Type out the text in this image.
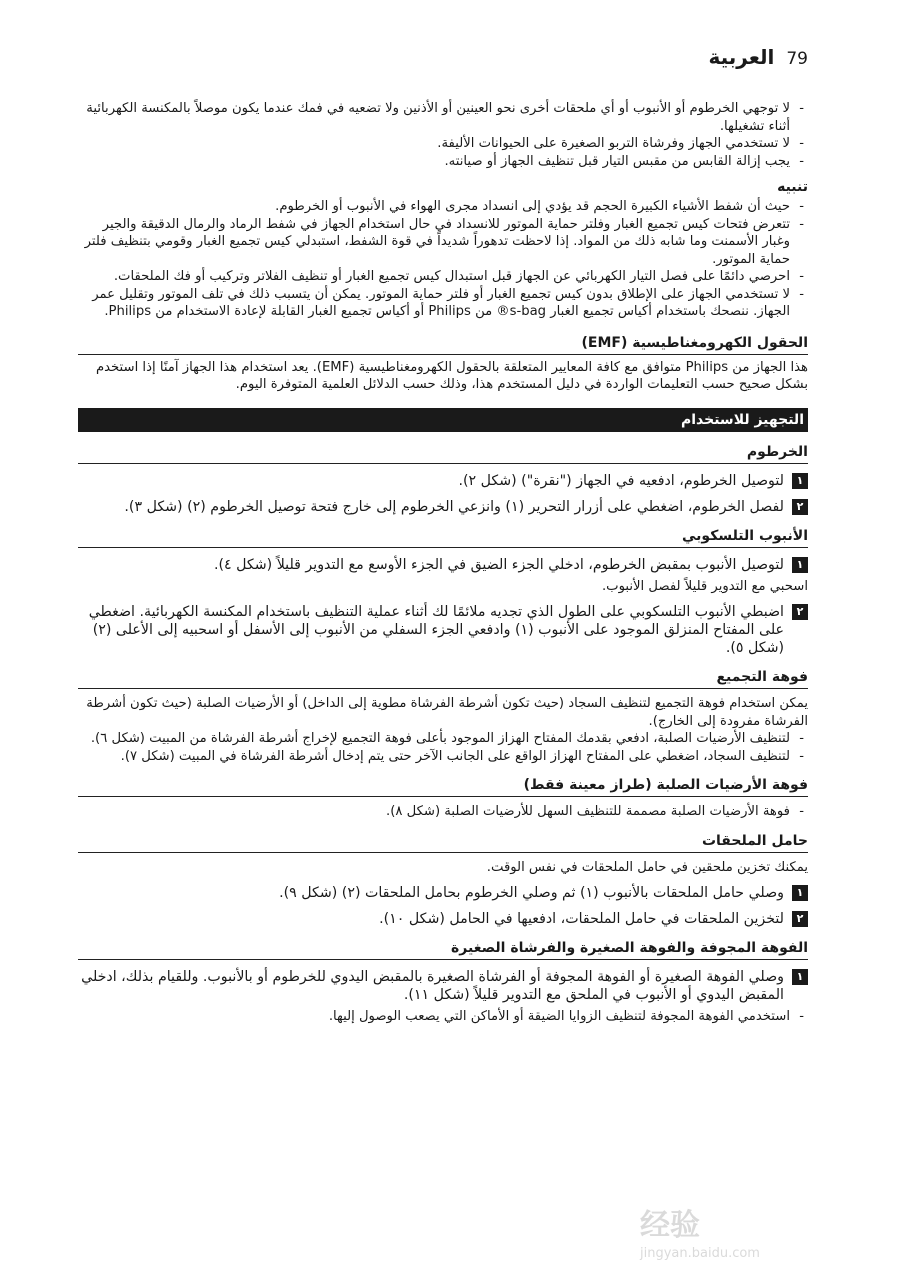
79
العربية

- لا توجهي الخرطوم أو الأنبوب أو أي ملحقات أخرى نحو العينين أو الأذنين ولا تضعيه في فمك عندما يكون موصلاً بالمكنسة الكهربائية أثناء تشغيلها.

- لا تستخدمي الجهاز وفرشاة التربو الصغيرة على الحيوانات الأليفة.

- يجب إزالة القابس من مقبس التيار قبل تنظيف الجهاز أو صيانته.

تنبيه

- حيث أن شفط الأشياء الكبيرة الحجم قد يؤدي إلى انسداد مجرى الهواء في الأنبوب أو الخرطوم.

- تتعرض فتحات كيس تجميع الغبار وفلتر حماية الموتور للانسداد في حال استخدام الجهاز في شفط الرماد والرمال الدقيقة والجير وغبار الأسمنت وما شابه ذلك من المواد. إذا لاحظت تدهوراً شديداً في قوة الشفط، استبدلي كيس تجميع الغبار وقومي بتنظيف فلتر حماية الموتور.

- احرصي دائمًا على فصل التيار الكهربائي عن الجهاز قبل استبدال كيس تجميع الغبار أو تنظيف الفلاتر وتركيب أو فك الملحقات.

- لا تستخدمي الجهاز على الإطلاق بدون كيس تجميع الغبار أو فلتر حماية الموتور. يمكن أن يتسبب ذلك في تلف الموتور وتقليل عمر الجهاز. ننصحك باستخدام أكياس تجميع الغبار s-bag® من Philips أو أكياس تجميع الغبار القابلة لإعادة الاستخدام من Philips.

الحقول الكهرومغناطيسية (EMF)

هذا الجهاز من Philips متوافق مع كافة المعايير المتعلقة بالحقول الكهرومغناطيسية (EMF). يعد استخدام هذا الجهاز آمنًا إذا استخدم بشكل صحيح حسب التعليمات الواردة في دليل المستخدم هذا، وذلك حسب الدلائل العلمية المتوفرة اليوم.

التجهيز للاستخدام
الخرطوم
١
لتوصيل الخرطوم، ادفعيه في الجهاز ("نقرة") (شكل ٢).
٢
لفصل الخرطوم، اضغطي على أزرار التحرير (١) وانزعي الخرطوم إلى خارج فتحة توصيل الخرطوم (٢) (شكل ٣).
الأنبوب التلسكوبي
١
لتوصيل الأنبوب بمقبض الخرطوم، ادخلي الجزء الضيق في الجزء الأوسع مع التدوير قليلاً (شكل ٤).

اسحبي مع التدوير قليلاً لفصل الأنبوب.

٢
اضبطي الأنبوب التلسكوبي على الطول الذي تجديه ملائمًا لك أثناء عملية التنظيف باستخدام المكنسة الكهربائية. اضغطي على المفتاح المنزلق الموجود على الأنبوب (١) وادفعي الجزء السفلي من الأنبوب إلى الأسفل أو اسحبيه إلى الأعلى (٢) (شكل ٥).
فوهة التجميع

يمكن استخدام فوهة التجميع لتنظيف السجاد (حيث تكون أشرطة الفرشاة مطوية إلى الداخل) أو الأرضيات الصلبة (حيث تكون أشرطة الفرشاة مفرودة إلى الخارج).

- لتنظيف الأرضيات الصلبة، ادفعي بقدمك المفتاح الهزاز الموجود بأعلى فوهة التجميع لإخراج أشرطة الفرشاة من المبيت (شكل ٦).

- لتنظيف السجاد، اضغطي على المفتاح الهزاز الواقع على الجانب الآخر حتى يتم إدخال أشرطة الفرشاة في المبيت (شكل ٧).

فوهة الأرضيات الصلبة (طراز معينة فقط)

- فوهة الأرضيات الصلبة مصممة للتنظيف السهل للأرضيات الصلبة (شكل ٨).

حامل الملحقات

يمكنك تخزين ملحقين في حامل الملحقات في نفس الوقت.

١
وصلي حامل الملحقات بالأنبوب (١) ثم وصلي الخرطوم بحامل الملحقات (٢) (شكل ٩).
٢
لتخزين الملحقات في حامل الملحقات، ادفعيها في الحامل (شكل ١٠).
الفوهة المجوفة والفوهة الصغيرة والفرشاة الصغيرة
١
وصلي الفوهة الصغيرة أو الفوهة المجوفة أو الفرشاة الصغيرة بالمقبض اليدوي للخرطوم أو بالأنبوب. وللقيام بذلك، ادخلي المقبض اليدوي أو الأنبوب في الملحق مع التدوير قليلاً (شكل ١١).

- استخدمي الفوهة المجوفة لتنظيف الزوايا الضيقة أو الأماكن التي يصعب الوصول إليها.

经验
jingyan.baidu.com
